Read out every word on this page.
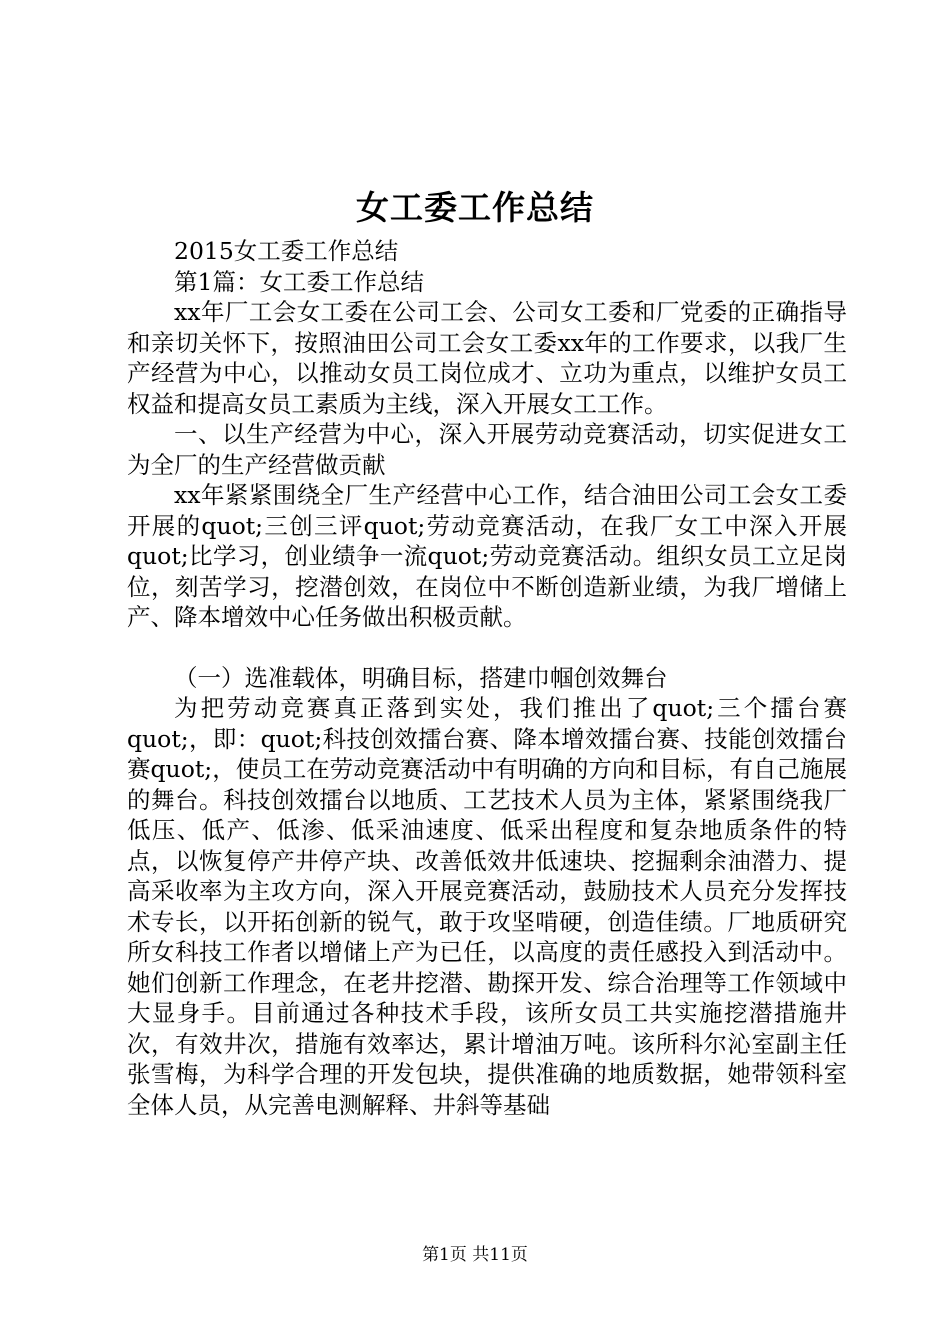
女工委工作总结

2015女工委工作总结

第1篇：女工委工作总结

xx年厂工会女工委在公司工会、公司女工委和厂党委的正确指导和亲切关怀下，按照油田公司工会女工委xx年的工作要求，以我厂生产经营为中心，以推动女员工岗位成才、立功为重点，以维护女员工权益和提高女员工素质为主线，深入开展女工工作。

一、以生产经营为中心，深入开展劳动竞赛活动，切实促进女工为全厂的生产经营做贡献

xx年紧紧围绕全厂生产经营中心工作，结合油田公司工会女工委开展的quot;三创三评quot;劳动竞赛活动，在我厂女工中深入开展quot;比学习，创业绩争一流quot;劳动竞赛活动。组织女员工立足岗位，刻苦学习，挖潜创效，在岗位中不断创造新业绩，为我厂增储上产、降本增效中心任务做出积极贡献。

（一）选准载体，明确目标，搭建巾帼创效舞台

为把劳动竞赛真正落到实处，我们推出了quot;三个擂台赛quot;，即：quot;科技创效擂台赛、降本增效擂台赛、技能创效擂台赛quot;，使员工在劳动竞赛活动中有明确的方向和目标，有自己施展的舞台。科技创效擂台以地质、工艺技术人员为主体，紧紧围绕我厂低压、低产、低渗、低采油速度、低采出程度和复杂地质条件的特点，以恢复停产井停产块、改善低效井低速块、挖掘剩余油潜力、提高采收率为主攻方向，深入开展竞赛活动，鼓励技术人员充分发挥技术专长，以开拓创新的锐气，敢于攻坚啃硬，创造佳绩。厂地质研究所女科技工作者以增储上产为已任，以高度的责任感投入到活动中。她们创新工作理念，在老井挖潜、勘探开发、综合治理等工作领域中大显身手。目前通过各种技术手段，该所女员工共实施挖潜措施井次，有效井次，措施有效率达，累计增油万吨。该所科尔沁室副主任张雪梅，为科学合理的开发包块，提供准确的地质数据，她带领科室全体人员，从完善电测解释、井斜等基础

第1页 共11页
